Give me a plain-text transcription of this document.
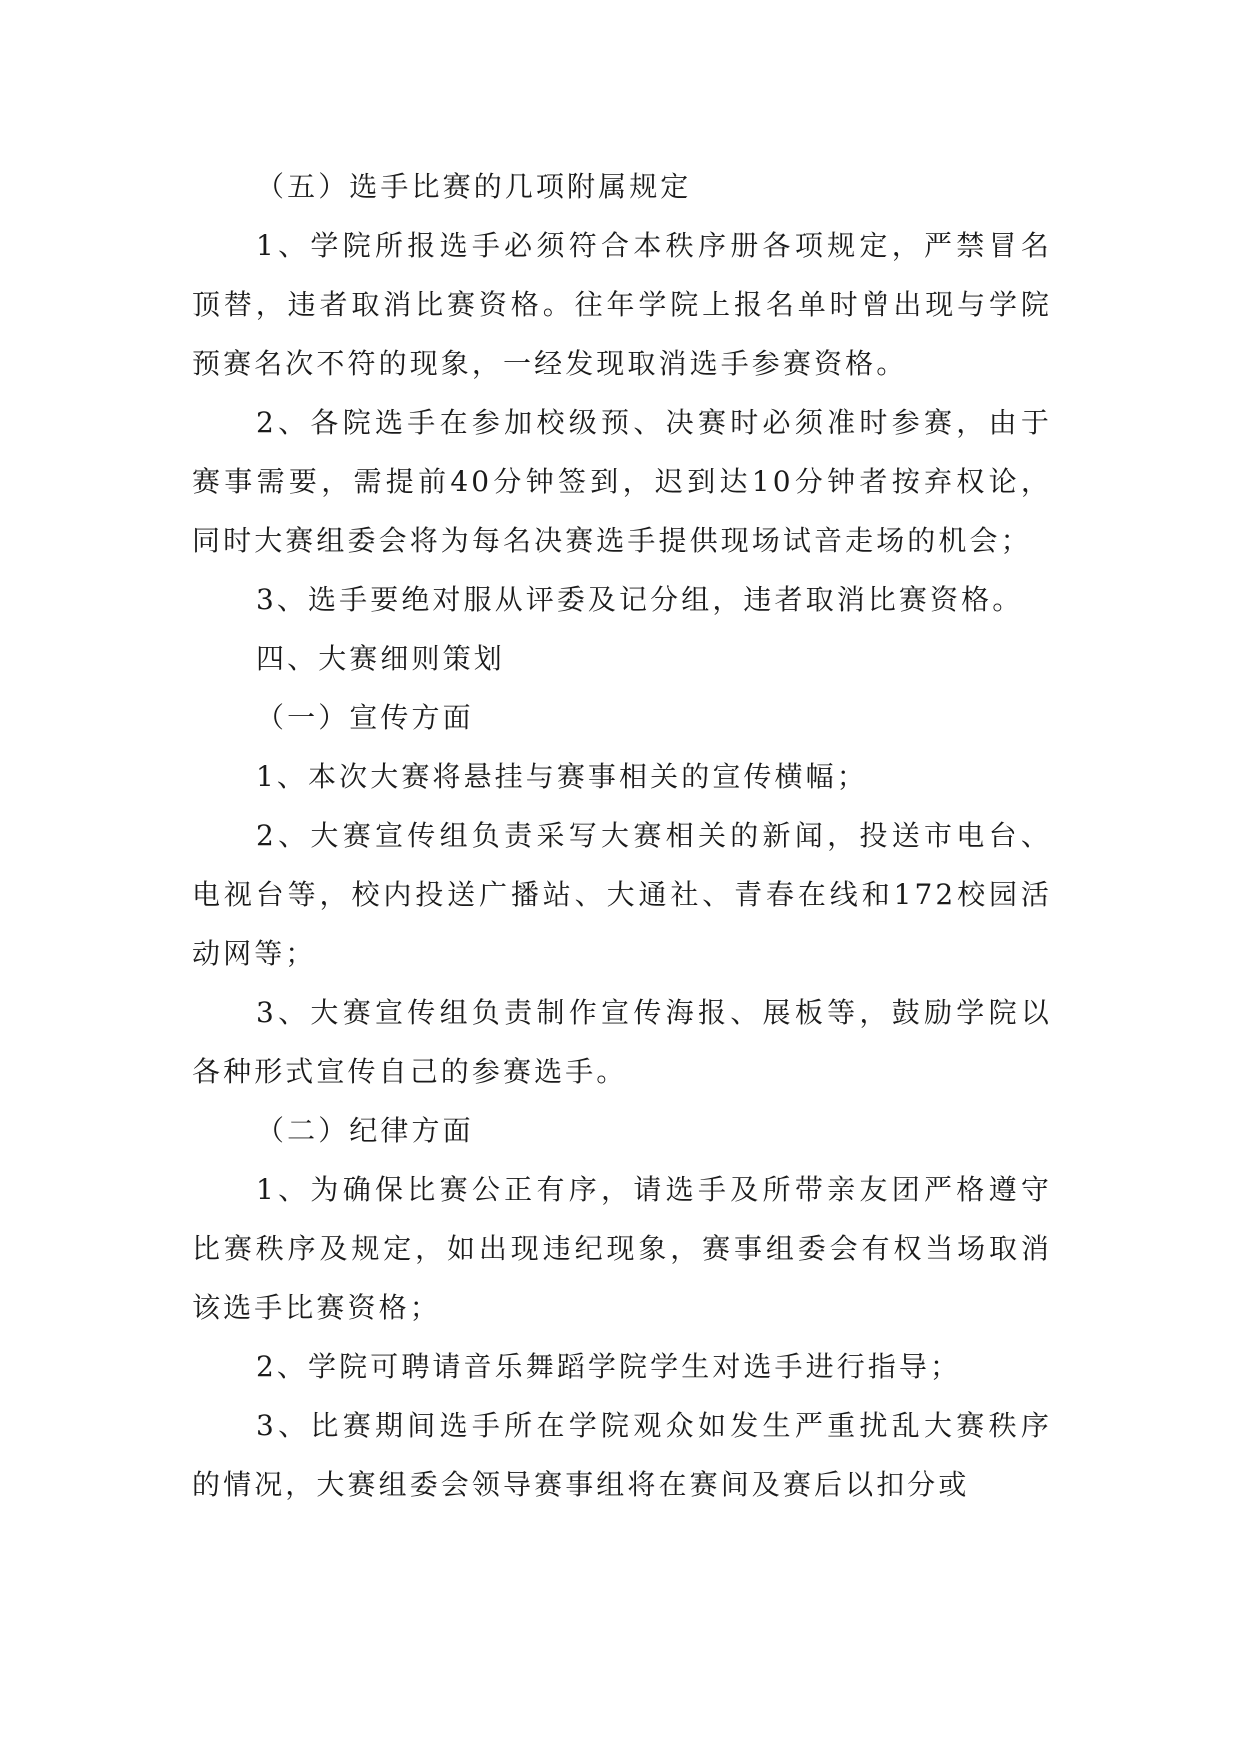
（五）选手比赛的几项附属规定

1、学院所报选手必须符合本秩序册各项规定，严禁冒名顶替，违者取消比赛资格。往年学院上报名单时曾出现与学院预赛名次不符的现象，一经发现取消选手参赛资格。

2、各院选手在参加校级预、决赛时必须准时参赛，由于赛事需要，需提前40分钟签到，迟到达10分钟者按弃权论，同时大赛组委会将为每名决赛选手提供现场试音走场的机会；

3、选手要绝对服从评委及记分组，违者取消比赛资格。

四、大赛细则策划

（一）宣传方面

1、本次大赛将悬挂与赛事相关的宣传横幅；

2、大赛宣传组负责采写大赛相关的新闻，投送市电台、电视台等，校内投送广播站、大通社、青春在线和172校园活动网等；

3、大赛宣传组负责制作宣传海报、展板等，鼓励学院以各种形式宣传自己的参赛选手。

（二）纪律方面

1、为确保比赛公正有序，请选手及所带亲友团严格遵守比赛秩序及规定，如出现违纪现象，赛事组委会有权当场取消该选手比赛资格；

2、学院可聘请音乐舞蹈学院学生对选手进行指导；

3、比赛期间选手所在学院观众如发生严重扰乱大赛秩序的情况，大赛组委会领导赛事组将在赛间及赛后以扣分或
